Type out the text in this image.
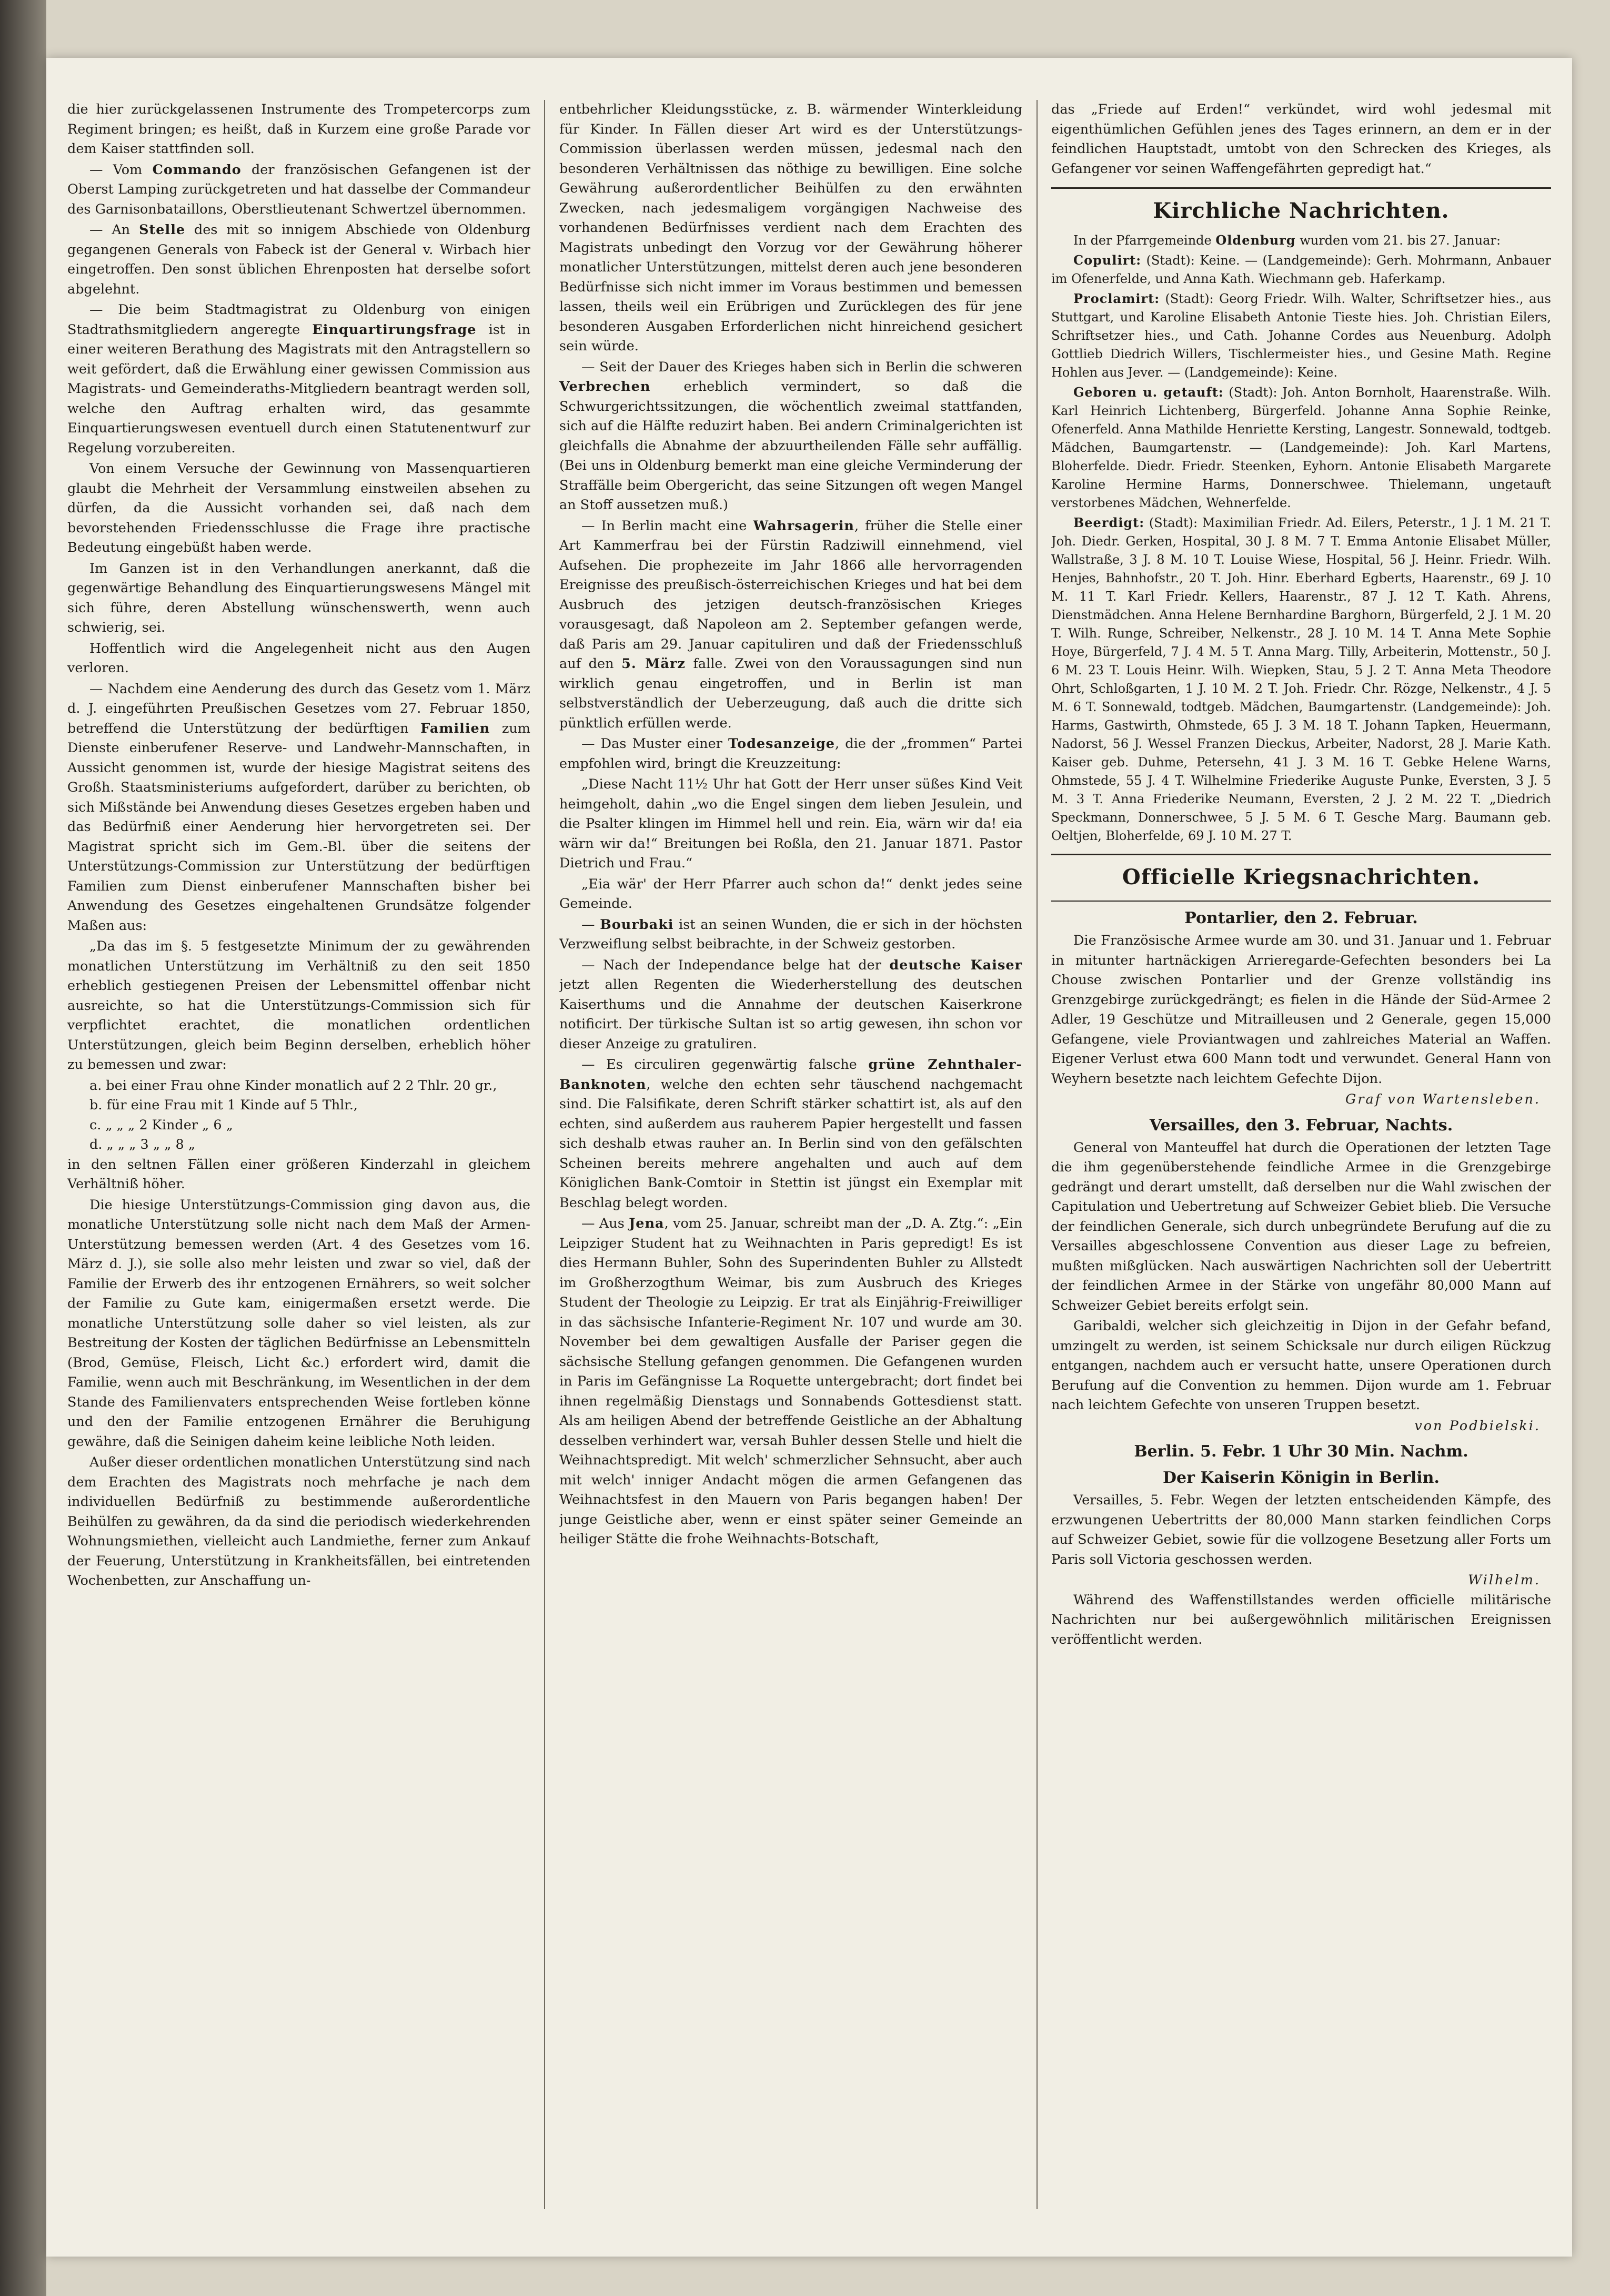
die hier zurückgelassenen Instrumente des Trompetercorps zum Regiment bringen; es heißt, daß in Kurzem eine große Parade vor dem Kaiser stattfinden soll.

— Vom Commando der französischen Gefangenen ist der Oberst Lamping zurückgetreten und hat dasselbe der Commandeur des Garnisonbataillons, Oberstlieutenant Schwertzel übernommen.

— An Stelle des mit so innigem Abschiede von Oldenburg gegangenen Generals von Fabeck ist der General v. Wirbach hier eingetroffen. Den sonst üblichen Ehrenposten hat derselbe sofort abgelehnt.

— Die beim Stadtmagistrat zu Oldenburg von einigen Stadtrathsmitgliedern angeregte Einquartirungsfrage ist in einer weiteren Berathung des Magistrats mit den Antragstellern so weit gefördert, daß die Erwählung einer gewissen Commission aus Magistrats- und Gemeinderaths-Mitgliedern beantragt werden soll, welche den Auftrag erhalten wird, das gesammte Einquartierungswesen eventuell durch einen Statutenentwurf zur Regelung vorzubereiten.

Von einem Versuche der Gewinnung von Massenquartieren glaubt die Mehrheit der Versammlung einstweilen absehen zu dürfen, da die Aussicht vorhanden sei, daß nach dem bevorstehenden Friedensschlusse die Frage ihre practische Bedeutung eingebüßt haben werde.

Im Ganzen ist in den Verhandlungen anerkannt, daß die gegenwärtige Behandlung des Einquartierungswesens Mängel mit sich führe, deren Abstellung wünschenswerth, wenn auch schwierig, sei.

Hoffentlich wird die Angelegenheit nicht aus den Augen verloren.

— Nachdem eine Aenderung des durch das Gesetz vom 1. März d. J. eingeführten Preußischen Gesetzes vom 27. Februar 1850, betreffend die Unterstützung der bedürftigen Familien zum Dienste einberufener Reserve- und Landwehr-Mannschaften, in Aussicht genommen ist, wurde der hiesige Magistrat seitens des Großh. Staatsministeriums aufgefordert, darüber zu berichten, ob sich Mißstände bei Anwendung dieses Gesetzes ergeben haben und das Bedürfniß einer Aenderung hier hervorgetreten sei. Der Magistrat spricht sich im Gem.-Bl. über die seitens der Unterstützungs-Commission zur Unterstützung der bedürftigen Familien zum Dienst einberufener Mannschaften bisher bei Anwendung des Gesetzes eingehaltenen Grundsätze folgender Maßen aus:

„Da das im §. 5 festgesetzte Minimum der zu gewährenden monatlichen Unterstützung im Verhältniß zu den seit 1850 erheblich gestiegenen Preisen der Lebensmittel offenbar nicht ausreichte, so hat die Unterstützungs-Commission sich für verpflichtet erachtet, die monatlichen ordentlichen Unterstützungen, gleich beim Beginn derselben, erheblich höher zu bemessen und zwar:

a. bei einer Frau ohne Kinder monatlich auf 2 2 Thlr. 20 gr.,
b. für eine Frau mit 1 Kinde auf 5 Thlr.,
c. „ „ „ 2 Kinder „ 6 „
d. „ „ „ 3 „ „ 8 „

in den seltnen Fällen einer größeren Kinderzahl in gleichem Verhältniß höher.

Die hiesige Unterstützungs-Commission ging davon aus, die monatliche Unterstützung solle nicht nach dem Maß der Armen-Unterstützung bemessen werden (Art. 4 des Gesetzes vom 16. März d. J.), sie solle also mehr leisten und zwar so viel, daß der Familie der Erwerb des ihr entzogenen Ernährers, so weit solcher der Familie zu Gute kam, einigermaßen ersetzt werde. Die monatliche Unterstützung solle daher so viel leisten, als zur Bestreitung der Kosten der täglichen Bedürfnisse an Lebensmitteln (Brod, Gemüse, Fleisch, Licht &c.) erfordert wird, damit die Familie, wenn auch mit Beschränkung, im Wesentlichen in der dem Stande des Familienvaters entsprechenden Weise fortleben könne und den der Familie entzogenen Ernährer die Beruhigung gewähre, daß die Seinigen daheim keine leibliche Noth leiden.

Außer dieser ordentlichen monatlichen Unterstützung sind nach dem Erachten des Magistrats noch mehrfache je nach dem individuellen Bedürfniß zu bestimmende außerordentliche Beihülfen zu gewähren, da da sind die periodisch wiederkehrenden Wohnungsmiethen, vielleicht auch Landmiethe, ferner zum Ankauf der Feuerung, Unterstützung in Krankheitsfällen, bei eintretenden Wochenbetten, zur Anschaffung un-

entbehrlicher Kleidungsstücke, z. B. wärmender Winterkleidung für Kinder. In Fällen dieser Art wird es der Unterstützungs-Commission überlassen werden müssen, jedesmal nach den besonderen Verhältnissen das nöthige zu bewilligen. Eine solche Gewährung außerordentlicher Beihülfen zu den erwähnten Zwecken, nach jedesmaligem vorgängigen Nachweise des vorhandenen Bedürfnisses verdient nach dem Erachten des Magistrats unbedingt den Vorzug vor der Gewährung höherer monatlicher Unterstützungen, mittelst deren auch jene besonderen Bedürfnisse sich nicht immer im Voraus bestimmen und bemessen lassen, theils weil ein Erübrigen und Zurücklegen des für jene besonderen Ausgaben Erforderlichen nicht hinreichend gesichert sein würde.

— Seit der Dauer des Krieges haben sich in Berlin die schweren Verbrechen erheblich vermindert, so daß die Schwurgerichtssitzungen, die wöchentlich zweimal stattfanden, sich auf die Hälfte reduzirt haben. Bei andern Criminalgerichten ist gleichfalls die Abnahme der abzuurtheilenden Fälle sehr auffällig. (Bei uns in Oldenburg bemerkt man eine gleiche Verminderung der Straffälle beim Obergericht, das seine Sitzungen oft wegen Mangel an Stoff aussetzen muß.)

— In Berlin macht eine Wahrsagerin, früher die Stelle einer Art Kammerfrau bei der Fürstin Radziwill einnehmend, viel Aufsehen. Die prophezeite im Jahr 1866 alle hervorragenden Ereignisse des preußisch-österreichischen Krieges und hat bei dem Ausbruch des jetzigen deutsch-französischen Krieges vorausgesagt, daß Napoleon am 2. September gefangen werde, daß Paris am 29. Januar capituliren und daß der Friedensschluß auf den 5. März falle. Zwei von den Voraussagungen sind nun wirklich genau eingetroffen, und in Berlin ist man selbstverständlich der Ueberzeugung, daß auch die dritte sich pünktlich erfüllen werde.

— Das Muster einer Todesanzeige, die der „frommen“ Partei empfohlen wird, bringt die Kreuzzeitung:

„Diese Nacht 11½ Uhr hat Gott der Herr unser süßes Kind Veit heimgeholt, dahin „wo die Engel singen dem lieben Jesulein, und die Psalter klingen im Himmel hell und rein. Eia, wärn wir da! eia wärn wir da!“ Breitungen bei Roßla, den 21. Januar 1871. Pastor Dietrich und Frau.“

„Eia wär' der Herr Pfarrer auch schon da!“ denkt jedes seine Gemeinde.

— Bourbaki ist an seinen Wunden, die er sich in der höchsten Verzweiflung selbst beibrachte, in der Schweiz gestorben.

— Nach der Independance belge hat der deutsche Kaiser jetzt allen Regenten die Wiederherstellung des deutschen Kaiserthums und die Annahme der deutschen Kaiserkrone notificirt. Der türkische Sultan ist so artig gewesen, ihn schon vor dieser Anzeige zu gratuliren.

— Es circuliren gegenwärtig falsche grüne Zehnthaler-Banknoten, welche den echten sehr täuschend nachgemacht sind. Die Falsifikate, deren Schrift stärker schattirt ist, als auf den echten, sind außerdem aus rauherem Papier hergestellt und fassen sich deshalb etwas rauher an. In Berlin sind von den gefälschten Scheinen bereits mehrere angehalten und auch auf dem Königlichen Bank-Comtoir in Stettin ist jüngst ein Exemplar mit Beschlag belegt worden.

— Aus Jena, vom 25. Januar, schreibt man der „D. A. Ztg.“: „Ein Leipziger Student hat zu Weihnachten in Paris gepredigt! Es ist dies Hermann Buhler, Sohn des Superindenten Buhler zu Allstedt im Großherzogthum Weimar, bis zum Ausbruch des Krieges Student der Theologie zu Leipzig. Er trat als Einjährig-Freiwilliger in das sächsische Infanterie-Regiment Nr. 107 und wurde am 30. November bei dem gewaltigen Ausfalle der Pariser gegen die sächsische Stellung gefangen genommen. Die Gefangenen wurden in Paris im Gefängnisse La Roquette untergebracht; dort findet bei ihnen regelmäßig Dienstags und Sonnabends Gottesdienst statt. Als am heiligen Abend der betreffende Geistliche an der Abhaltung desselben verhindert war, versah Buhler dessen Stelle und hielt die Weihnachtspredigt. Mit welch' schmerzlicher Sehnsucht, aber auch mit welch' inniger Andacht mögen die armen Gefangenen das Weihnachtsfest in den Mauern von Paris begangen haben! Der junge Geistliche aber, wenn er einst später seiner Gemeinde an heiliger Stätte die frohe Weihnachts-Botschaft,

das „Friede auf Erden!“ verkündet, wird wohl jedesmal mit eigenthümlichen Gefühlen jenes des Tages erinnern, an dem er in der feindlichen Hauptstadt, umtobt von den Schrecken des Krieges, als Gefangener vor seinen Waffengefährten gepredigt hat.“

Kirchliche Nachrichten.

In der Pfarrgemeinde Oldenburg wurden vom 21. bis 27. Januar:

Copulirt: (Stadt): Keine. — (Landgemeinde): Gerh. Mohrmann, Anbauer im Ofenerfelde, und Anna Kath. Wiechmann geb. Haferkamp.

Proclamirt: (Stadt): Georg Friedr. Wilh. Walter, Schriftsetzer hies., aus Stuttgart, und Karoline Elisabeth Antonie Tieste hies. Joh. Christian Eilers, Schriftsetzer hies., und Cath. Johanne Cordes aus Neuenburg. Adolph Gottlieb Diedrich Willers, Tischlermeister hies., und Gesine Math. Regine Hohlen aus Jever. — (Landgemeinde): Keine.

Geboren u. getauft: (Stadt): Joh. Anton Bornholt, Haarenstraße. Wilh. Karl Heinrich Lichtenberg, Bürgerfeld. Johanne Anna Sophie Reinke, Ofenerfeld. Anna Mathilde Henriette Kersting, Langestr. Sonnewald, todtgeb. Mädchen, Baumgartenstr. — (Landgemeinde): Joh. Karl Martens, Bloherfelde. Diedr. Friedr. Steenken, Eyhorn. Antonie Elisabeth Margarete Karoline Hermine Harms, Donnerschwee. Thielemann, ungetauft verstorbenes Mädchen, Wehnerfelde.

Beerdigt: (Stadt): Maximilian Friedr. Ad. Eilers, Peterstr., 1 J. 1 M. 21 T. Joh. Diedr. Gerken, Hospital, 30 J. 8 M. 7 T. Emma Antonie Elisabet Müller, Wallstraße, 3 J. 8 M. 10 T. Louise Wiese, Hospital, 56 J. Heinr. Friedr. Wilh. Henjes, Bahnhofstr., 20 T. Joh. Hinr. Eberhard Egberts, Haarenstr., 69 J. 10 M. 11 T. Karl Friedr. Kellers, Haarenstr., 87 J. 12 T. Kath. Ahrens, Dienstmädchen. Anna Helene Bernhardine Barghorn, Bürgerfeld, 2 J. 1 M. 20 T. Wilh. Runge, Schreiber, Nelkenstr., 28 J. 10 M. 14 T. Anna Mete Sophie Hoye, Bürgerfeld, 7 J. 4 M. 5 T. Anna Marg. Tilly, Arbeiterin, Mottenstr., 50 J. 6 M. 23 T. Louis Heinr. Wilh. Wiepken, Stau, 5 J. 2 T. Anna Meta Theodore Ohrt, Schloßgarten, 1 J. 10 M. 2 T. Joh. Friedr. Chr. Rözge, Nelkenstr., 4 J. 5 M. 6 T. Sonnewald, todtgeb. Mädchen, Baumgartenstr. (Landgemeinde): Joh. Harms, Gastwirth, Ohmstede, 65 J. 3 M. 18 T. Johann Tapken, Heuermann, Nadorst, 56 J. Wessel Franzen Dieckus, Arbeiter, Nadorst, 28 J. Marie Kath. Kaiser geb. Duhme, Petersehn, 41 J. 3 M. 16 T. Gebke Helene Warns, Ohmstede, 55 J. 4 T. Wilhelmine Friederike Auguste Punke, Eversten, 3 J. 5 M. 3 T. Anna Friederike Neumann, Eversten, 2 J. 2 M. 22 T. „Diedrich Speckmann, Donnerschwee, 5 J. 5 M. 6 T. Gesche Marg. Baumann geb. Oeltjen, Bloherfelde, 69 J. 10 M. 27 T.

Officielle Kriegsnachrichten.
Pontarlier, den 2. Februar.

Die Französische Armee wurde am 30. und 31. Januar und 1. Februar in mitunter hartnäckigen Arrieregarde-Gefechten besonders bei La Chouse zwischen Pontarlier und der Grenze vollständig ins Grenzgebirge zurückgedrängt; es fielen in die Hände der Süd-Armee 2 Adler, 19 Geschütze und Mitrailleusen und 2 Generale, gegen 15,000 Gefangene, viele Proviantwagen und zahlreiches Material an Waffen. Eigener Verlust etwa 600 Mann todt und verwundet. General Hann von Weyhern besetzte nach leichtem Gefechte Dijon.

Graf von Wartensleben.
Versailles, den 3. Februar, Nachts.

General von Manteuffel hat durch die Operationen der letzten Tage die ihm gegenüberstehende feindliche Armee in die Grenzgebirge gedrängt und derart umstellt, daß derselben nur die Wahl zwischen der Capitulation und Uebertretung auf Schweizer Gebiet blieb. Die Versuche der feindlichen Generale, sich durch unbegründete Berufung auf die zu Versailles abgeschlossene Convention aus dieser Lage zu befreien, mußten mißglücken. Nach auswärtigen Nachrichten soll der Uebertritt der feindlichen Armee in der Stärke von ungefähr 80,000 Mann auf Schweizer Gebiet bereits erfolgt sein.

Garibaldi, welcher sich gleichzeitig in Dijon in der Gefahr befand, umzingelt zu werden, ist seinem Schicksale nur durch eiligen Rückzug entgangen, nachdem auch er versucht hatte, unsere Operationen durch Berufung auf die Convention zu hemmen. Dijon wurde am 1. Februar nach leichtem Gefechte von unseren Truppen besetzt.

von Podbielski.
Berlin. 5. Febr. 1 Uhr 30 Min. Nachm.
Der Kaiserin Königin in Berlin.

Versailles, 5. Febr. Wegen der letzten entscheidenden Kämpfe, des erzwungenen Uebertritts der 80,000 Mann starken feindlichen Corps auf Schweizer Gebiet, sowie für die vollzogene Besetzung aller Forts um Paris soll Victoria geschossen werden.

Wilhelm.

Während des Waffenstillstandes werden officielle militärische Nachrichten nur bei außergewöhnlich militärischen Ereignissen veröffentlicht werden.
